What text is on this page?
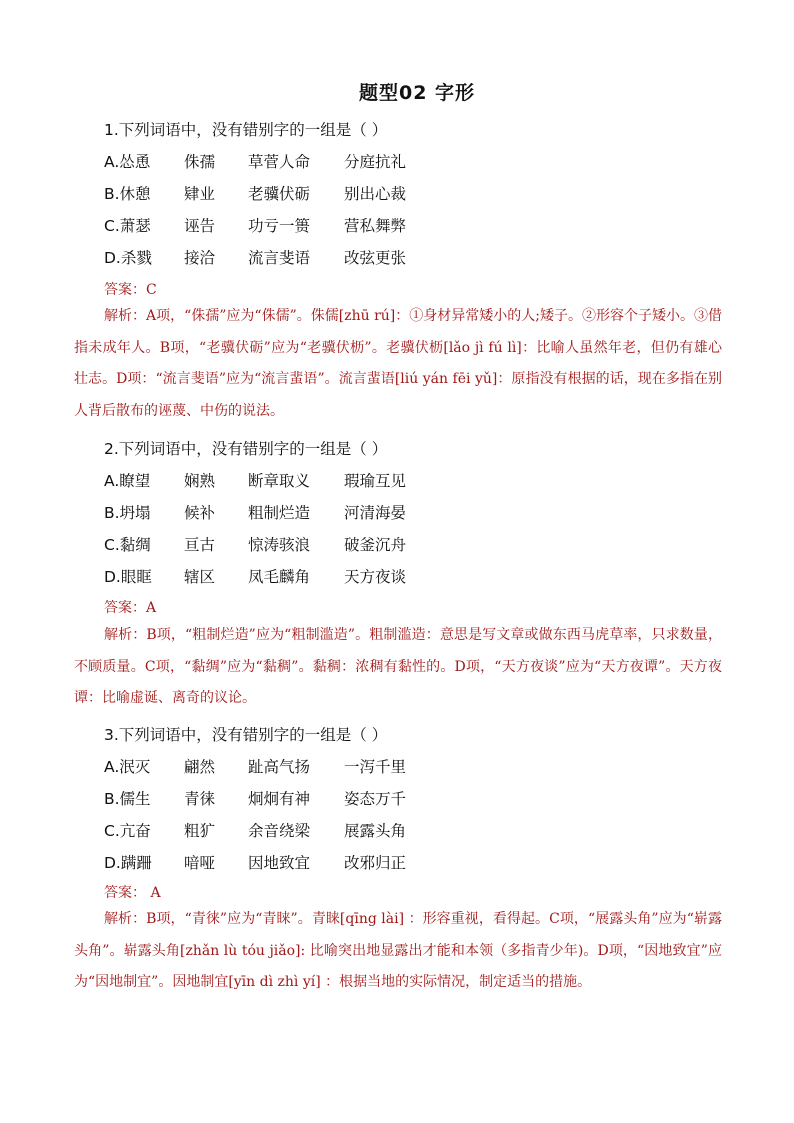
题型02 字形
1.下列词语中，没有错别字的一组是（ ）
A.怂恿 侏孺 草菅人命 分庭抗礼
B.休憩 肄业 老骥伏砺 别出心裁
C.萧瑟 诬告 功亏一篑 营私舞弊
D.杀戮 接洽 流言斐语 改弦更张
答案：C
解析：A项，“侏孺”应为“侏儒”。侏儒[zhū rú]：①身材异常矮小的人;矮子。②形容个子矮小。③借指未成年人。B项，“老骥伏砺”应为“老骥伏枥”。老骥伏枥[lǎo jì fú lì]：比喻人虽然年老，但仍有雄心壮志。D项：“流言斐语”应为“流言蜚语”。流言蜚语[liú yán fēi yǔ]：原指没有根据的话，现在多指在别人背后散布的诬蔑、中伤的说法。
2.下列词语中，没有错别字的一组是（ ）
A.瞭望 娴熟 断章取义 瑕瑜互见
B.坍塌 候补 粗制烂造 河清海晏
C.黏绸 亘古 惊涛骇浪 破釜沉舟
D.眼眶 辖区 凤毛麟角 天方夜谈
答案：A
解析：B项，“粗制烂造”应为“粗制滥造”。粗制滥造：意思是写文章或做东西马虎草率，只求数量，不顾质量。C项，“黏绸”应为“黏稠”。黏稠：浓稠有黏性的。D项，“天方夜谈”应为“天方夜谭”。天方夜谭：比喻虚诞、离奇的议论。
3.下列词语中，没有错别字的一组是（ ）
A.泯灭 翩然 趾高气扬 一泻千里
B.儒生 青徕 炯炯有神 姿态万千
C.亢奋 粗犷 余音绕梁 展露头角
D.蹒跚 喑哑 因地致宜 改邪归正
答案： A
解析：B项，“青徕”应为“青睐”。青睐[qīng lài] ：形容重视，看得起。C项，“展露头角”应为“崭露头角”。崭露头角[zhǎn lù tóu jiǎo]: 比喻突出地显露出才能和本领（多指青少年)。D项，“因地致宜”应为“因地制宜”。因地制宜[yīn dì zhì yí] ：根据当地的实际情况，制定适当的措施。
